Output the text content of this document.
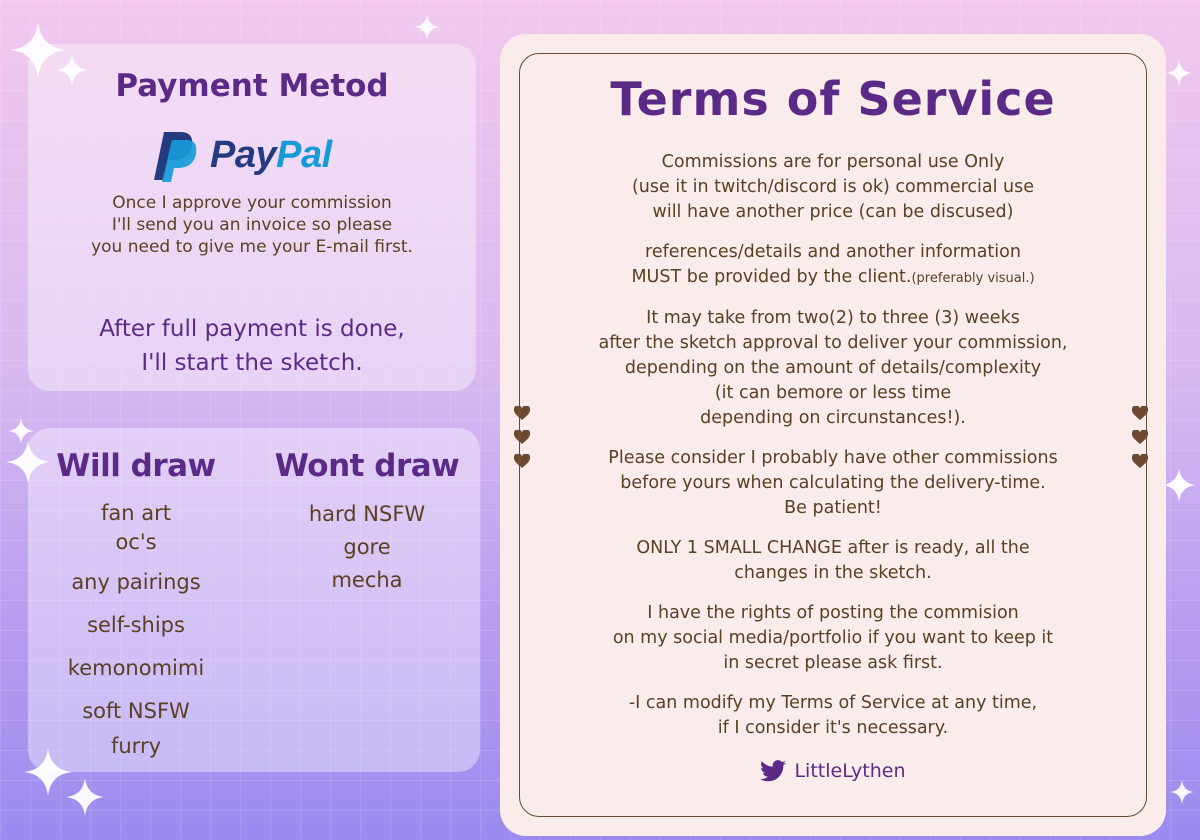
Payment Metod
PayPal
Once I approve your commission
I'll send you an invoice so please
you need to give me your E-mail first.
After full payment is done,
I'll start the sketch.
Will draw
fan art
oc's
any pairings
self-ships
kemonomimi
soft NSFW
furry
Wont draw
hard NSFW
gore
mecha
Terms of Service

Commissions are for personal use Only
(use it in twitch/discord is ok) commercial use
will have another price (can be discused)

references/details and another information
MUST be provided by the client.(preferably visual.)

It may take from two(2) to three (3) weeks
after the sketch approval to deliver your commission,
depending on the amount of details/complexity
(it can bemore or less time
depending on circunstances!).

Please consider I probably have other commissions
before yours when calculating the delivery-time.
Be patient!

ONLY 1 SMALL CHANGE after is ready, all the
changes in the sketch.

I have the rights of posting the commision
on my social media/portfolio if you want to keep it
in secret please ask first.

-I can modify my Terms of Service at any time,
if I consider it's necessary.

LittleLythen
